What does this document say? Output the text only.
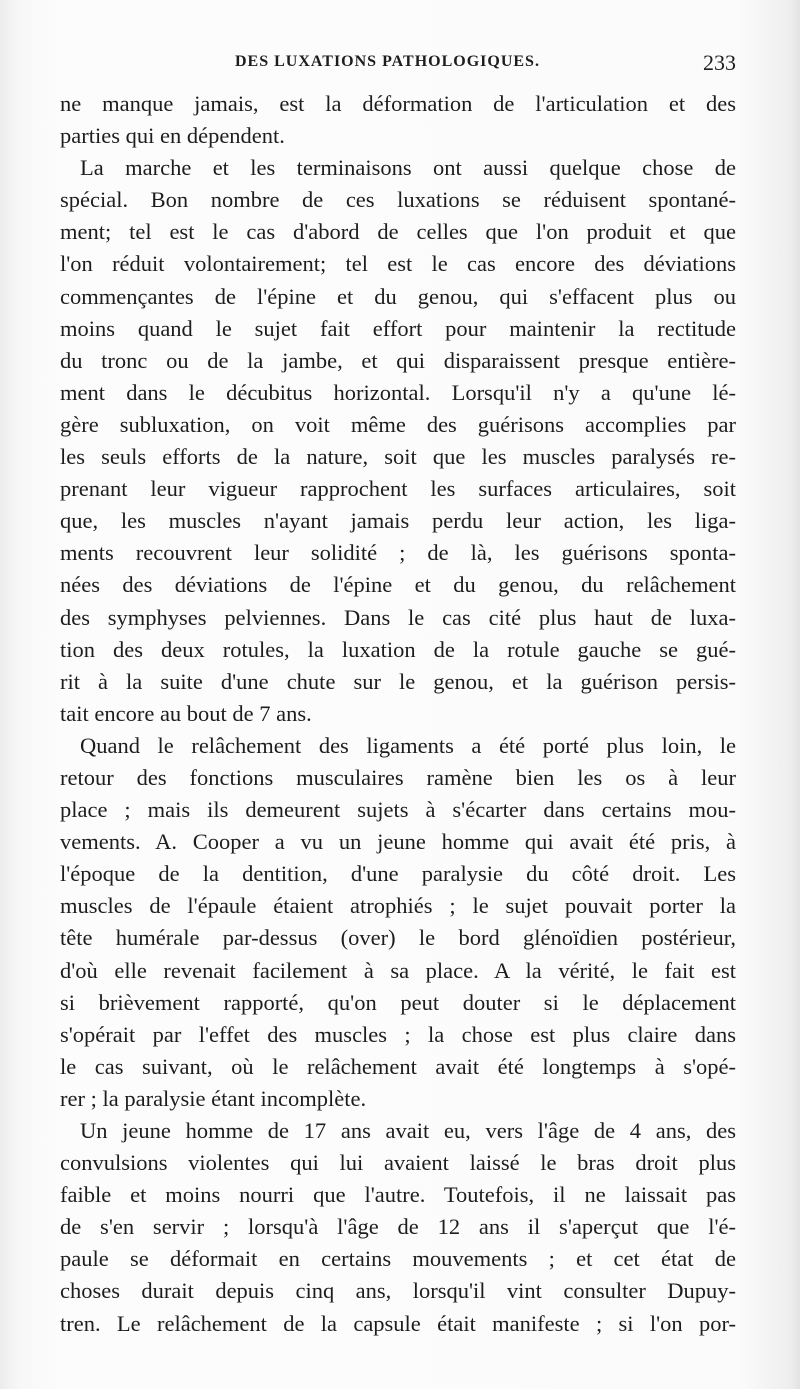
DES LUXATIONS PATHOLOGIQUES.	233
ne manque jamais, est la déformation de l'articulation et des
parties qui en dépendent.
La marche et les terminaisons ont aussi quelque chose de
spécial. Bon nombre de ces luxations se réduisent spontané-
ment; tel est le cas d'abord de celles que l'on produit et que
l'on réduit volontairement; tel est le cas encore des déviations
commençantes de l'épine et du genou, qui s'effacent plus ou
moins quand le sujet fait effort pour maintenir la rectitude
du tronc ou de la jambe, et qui disparaissent presque entière-
ment dans le décubitus horizontal. Lorsqu'il n'y a qu'une lé-
gère subluxation, on voit même des guérisons accomplies par
les seuls efforts de la nature, soit que les muscles paralysés re-
prenant leur vigueur rapprochent les surfaces articulaires, soit
que, les muscles n'ayant jamais perdu leur action, les liga-
ments recouvrent leur solidité ; de là, les guérisons sponta-
nées des déviations de l'épine et du genou, du relâchement
des symphyses pelviennes. Dans le cas cité plus haut de luxa-
tion des deux rotules, la luxation de la rotule gauche se gué-
rit à la suite d'une chute sur le genou, et la guérison persis-
tait encore au bout de 7 ans.
Quand le relâchement des ligaments a été porté plus loin, le
retour des fonctions musculaires ramène bien les os à leur
place ; mais ils demeurent sujets à s'écarter dans certains mou-
vements. A. Cooper a vu un jeune homme qui avait été pris, à
l'époque de la dentition, d'une paralysie du côté droit. Les
muscles de l'épaule étaient atrophiés ; le sujet pouvait porter la
tête humérale par-dessus (over) le bord glénoïdien postérieur,
d'où elle revenait facilement à sa place. A la vérité, le fait est
si brièvement rapporté, qu'on peut douter si le déplacement
s'opérait par l'effet des muscles ; la chose est plus claire dans
le cas suivant, où le relâchement avait été longtemps à s'opé-
rer ; la paralysie étant incomplète.
Un jeune homme de 17 ans avait eu, vers l'âge de 4 ans, des
convulsions violentes qui lui avaient laissé le bras droit plus
faible et moins nourri que l'autre. Toutefois, il ne laissait pas
de s'en servir ; lorsqu'à l'âge de 12 ans il s'aperçut que l'é-
paule se déformait en certains mouvements ; et cet état de
choses durait depuis cinq ans, lorsqu'il vint consulter Dupuy-
tren. Le relâchement de la capsule était manifeste ; si l'on por-
